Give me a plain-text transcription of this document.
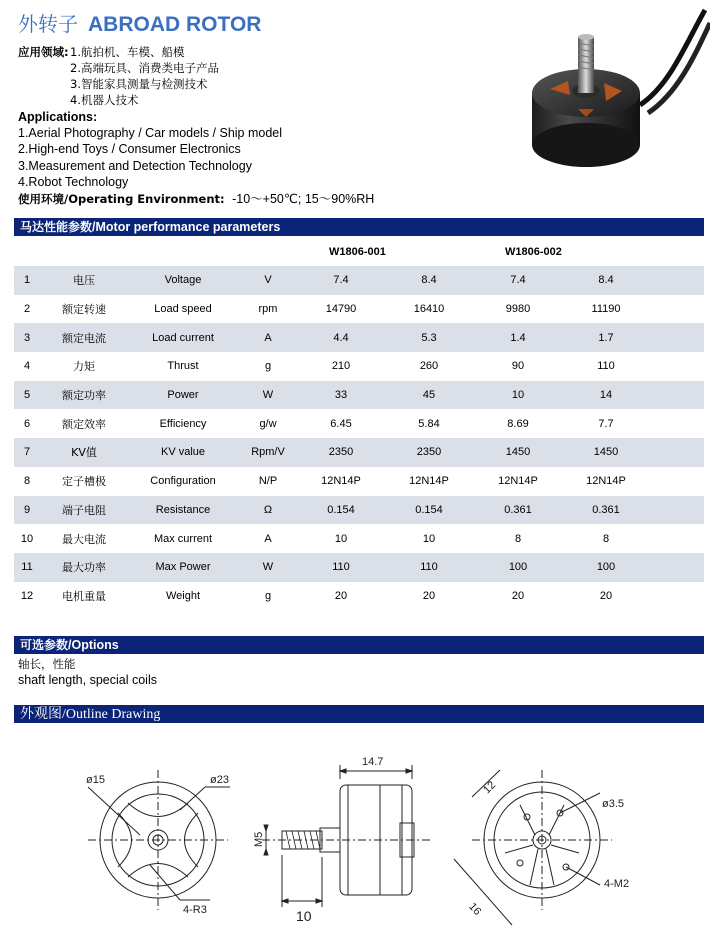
外转子 ABROAD ROTOR
应用领域: 1.航拍机、车模、船模
2.高端玩具、消费类电子产品
3.智能家具测量与检测技术
4.机器人技术
Applications:
1.Aerial Photography / Car models / Ship model
2.High-end Toys / Consumer Electronics
3.Measurement and Detection Technology
4.Robot Technology
使用环境/Operating Environment: -10～+50℃; 15～90%RH
马达性能参数/Motor performance parameters
W1806-001	W1806-002
1	电压	Voltage	V	7.4	8.4	7.4	8.4	
2	额定转速	Load speed	rpm	14790	16410	9980	11190	
3	额定电流	Load current	A	4.4	5.3	1.4	1.7	
4	力矩	Thrust	g	210	260	90	110	
5	额定功率	Power	W	33	45	10	14	
6	额定效率	Efficiency	g/w	6.45	5.84	8.69	7.7	
7	KV值	KV value	Rpm/V	2350	2350	1450	1450	
8	定子槽极	Configuration	N/P	12N14P	12N14P	12N14P	12N14P	
9	端子电阻	Resistance	Ω	0.154	0.154	0.361	0.361	
10	最大电流	Max current	A	10	10	8	8	
11	最大功率	Max Power	W	110	110	100	100	
12	电机重量	Weight	g	20	20	20	20	
可选参数/Options
轴长，性能
shaft length, special coils
外观图/Outline Drawing
ø15	ø23
4-R3
14.7
M5
10
12
ø3.5
4-M2
16
